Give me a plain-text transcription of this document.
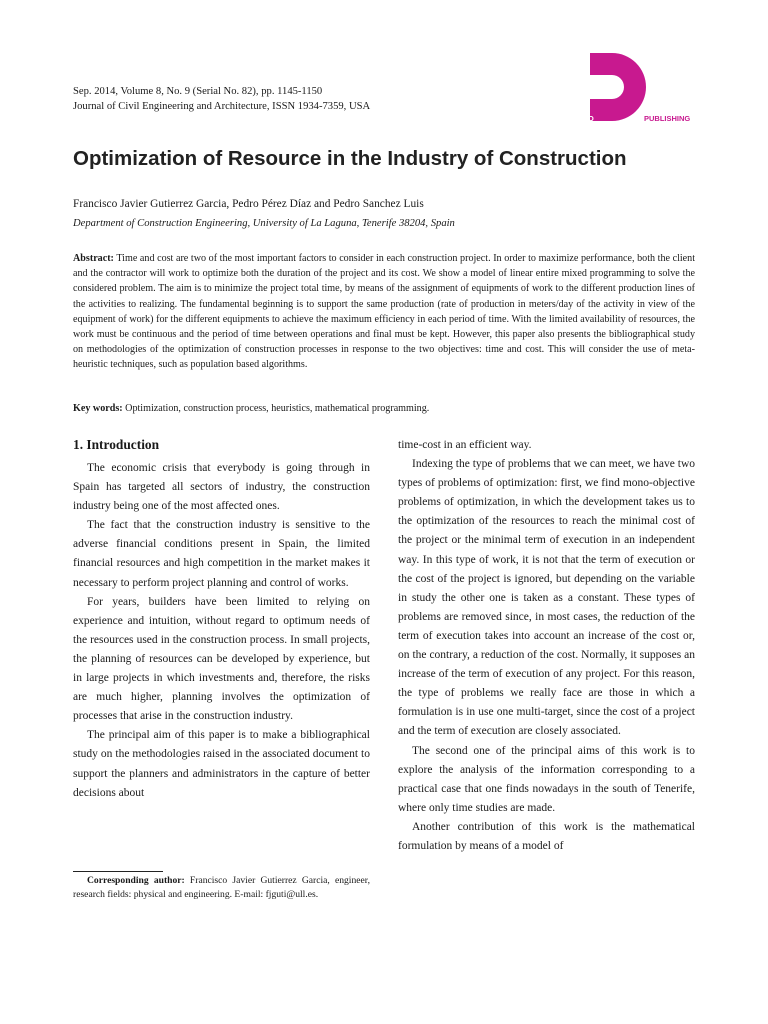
Sep. 2014, Volume 8, No. 9 (Serial No. 82), pp. 1145-1150
Journal of Civil Engineering and Architecture, ISSN 1934-7359, USA
DAVID	PUBLISHING
Optimization of Resource in the Industry of Construction
Francisco Javier Gutierrez Garcia, Pedro Pérez Díaz and Pedro Sanchez Luis
Department of Construction Engineering, University of La Laguna, Tenerife 38204, Spain
Abstract: Time and cost are two of the most important factors to consider in each construction project. In order to maximize performance, both the client and the contractor will work to optimize both the duration of the project and its cost. We show a model of linear entire mixed programming to solve the considered problem. The aim is to minimize the project total time, by means of the assignment of equipments of work to the different production lines of the activities to realizing. The fundamental beginning is to support the same production (rate of production in meters/day of the activity in view of the equipment of work) for the different equipments to achieve the maximum efficiency in each period of time. With the limited availability of resources, the work must be continuous and the period of time between operations and final must be kept. However, this paper also presents the bibliographical study on methodologies of the optimization of construction processes in response to the two objectives: time and cost. This will consider the use of meta-heuristic techniques, such as population based algorithms.
Key words: Optimization, construction process, heuristics, mathematical programming.
1. Introduction

The economic crisis that everybody is going through in Spain has targeted all sectors of industry, the construction industry being one of the most affected ones.

The fact that the construction industry is sensitive to the adverse financial conditions present in Spain, the limited financial resources and high competition in the market makes it necessary to perform project planning and control of works.

For years, builders have been limited to relying on experience and intuition, without regard to optimum needs of the resources used in the construction process. In small projects, the planning of resources can be developed by experience, but in large projects in which investments and, therefore, the risks are much higher, planning involves the optimization of processes that arise in the construction industry.

The principal aim of this paper is to make a bibliographical study on the methodologies raised in the associated document to support the planners and administrators in the capture of better decisions about

time-cost in an efficient way.

Indexing the type of problems that we can meet, we have two types of problems of optimization: first, we find mono-objective problems of optimization, in which the development takes us to the optimization of the resources to reach the minimal cost of the project or the minimal term of execution in an independent way. In this type of work, it is not that the term of execution or the cost of the project is ignored, but depending on the variable in study the other one is taken as a constant. These types of problems are removed since, in most cases, the reduction of the term of execution takes into account an increase of the cost or, on the contrary, a reduction of the cost. Normally, it supposes an increase of the term of execution of any project. For this reason, the type of problems we really face are those in which a formulation is in use one multi-target, since the cost of a project and the term of execution are closely associated.

The second one of the principal aims of this work is to explore the analysis of the information corresponding to a practical case that one finds nowadays in the south of Tenerife, where only time studies are made.

Another contribution of this work is the mathematical formulation by means of a model of

Corresponding author: Francisco Javier Gutierrez Garcia, engineer, research fields: physical and engineering. E-mail: fjguti@ull.es.
